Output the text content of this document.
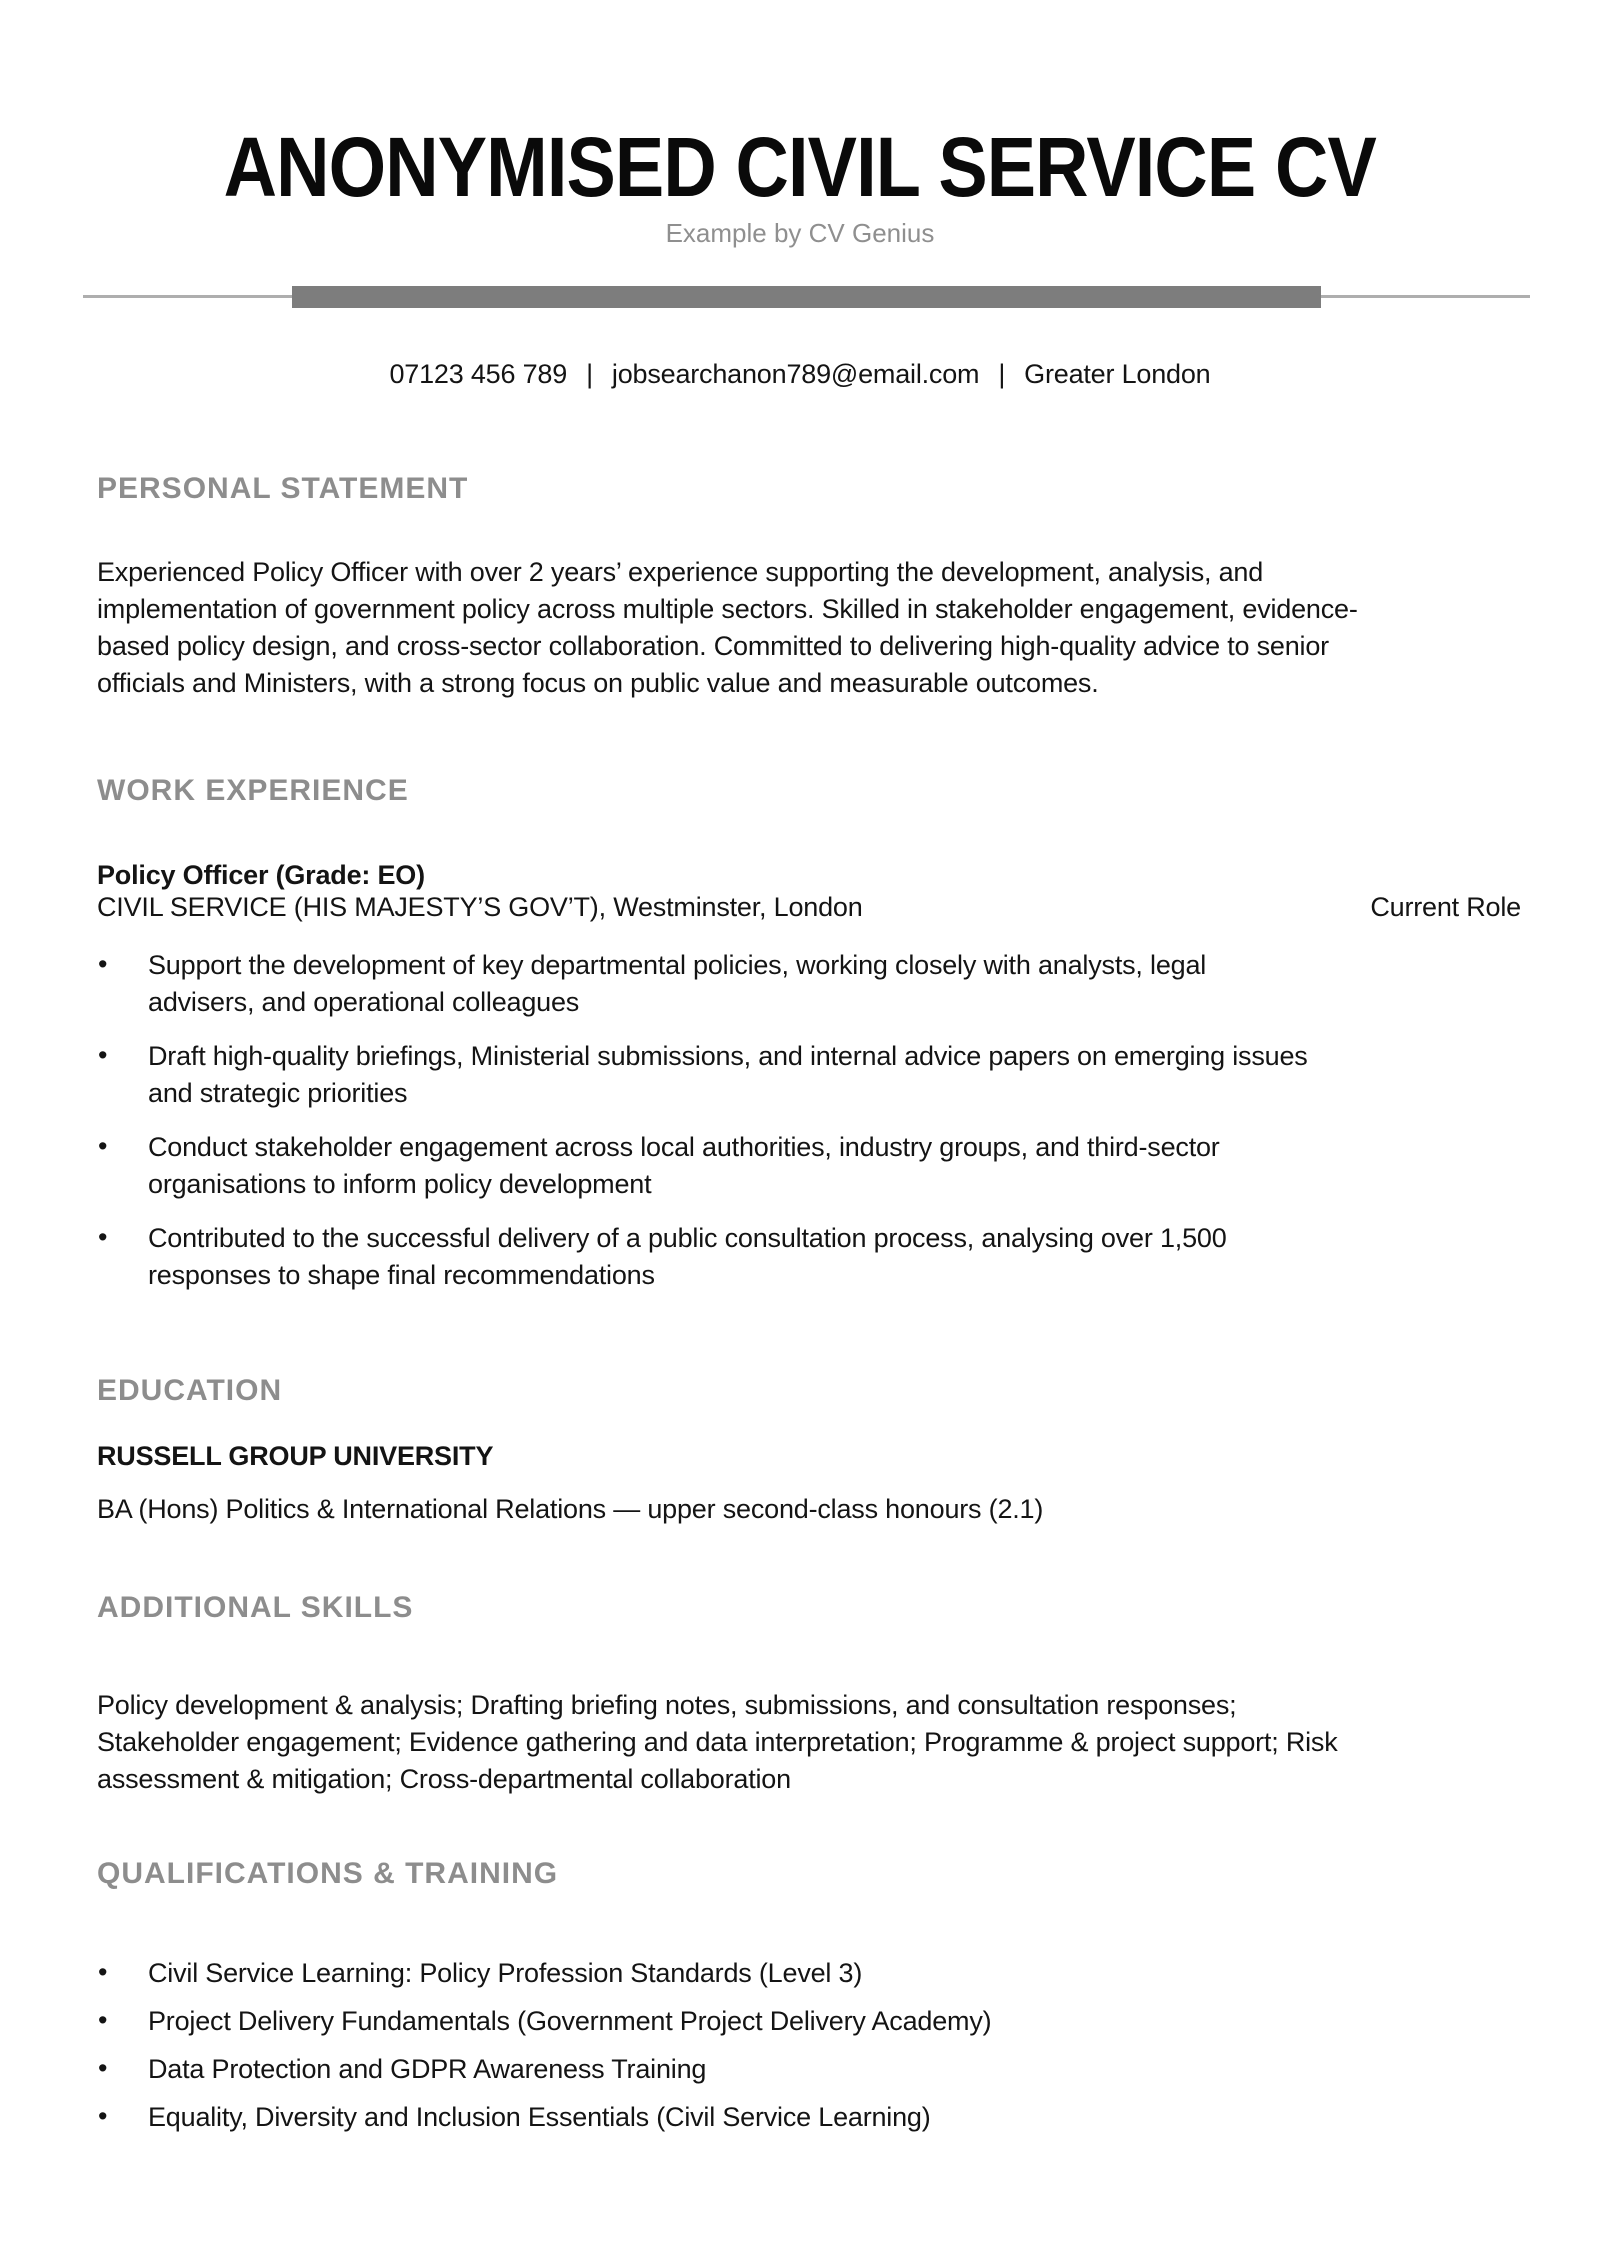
ANONYMISED CIVIL SERVICE CV
Example by CV Genius
07123 456 789 | jobsearchanon789@email.com | Greater London
PERSONAL STATEMENT
Experienced Policy Officer with over 2 years’ experience supporting the development, analysis, and
implementation of government policy across multiple sectors. Skilled in stakeholder engagement, evidence-
based policy design, and cross-sector collaboration. Committed to delivering high-quality advice to senior
officials and Ministers, with a strong focus on public value and measurable outcomes.
WORK EXPERIENCE
Policy Officer (Grade: EO)
CIVIL SERVICE (HIS MAJESTY’S GOV’T), Westminster, London	Current Role
• Support the development of key departmental policies, working closely with analysts, legal
advisers, and operational colleagues
• Draft high-quality briefings, Ministerial submissions, and internal advice papers on emerging issues
and strategic priorities
• Conduct stakeholder engagement across local authorities, industry groups, and third-sector
organisations to inform policy development
• Contributed to the successful delivery of a public consultation process, analysing over 1,500
responses to shape final recommendations
EDUCATION
RUSSELL GROUP UNIVERSITY
BA (Hons) Politics & International Relations — upper second-class honours (2.1)
ADDITIONAL SKILLS
Policy development & analysis; Drafting briefing notes, submissions, and consultation responses;
Stakeholder engagement; Evidence gathering and data interpretation; Programme & project support; Risk
assessment & mitigation; Cross-departmental collaboration
QUALIFICATIONS & TRAINING
• Civil Service Learning: Policy Profession Standards (Level 3)
• Project Delivery Fundamentals (Government Project Delivery Academy)
• Data Protection and GDPR Awareness Training
• Equality, Diversity and Inclusion Essentials (Civil Service Learning)
